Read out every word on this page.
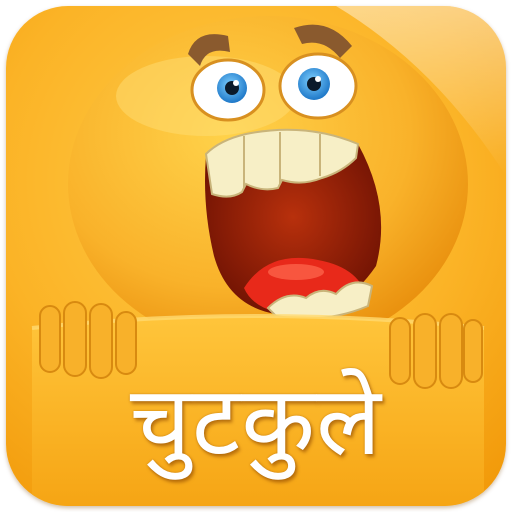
चुटकुले
